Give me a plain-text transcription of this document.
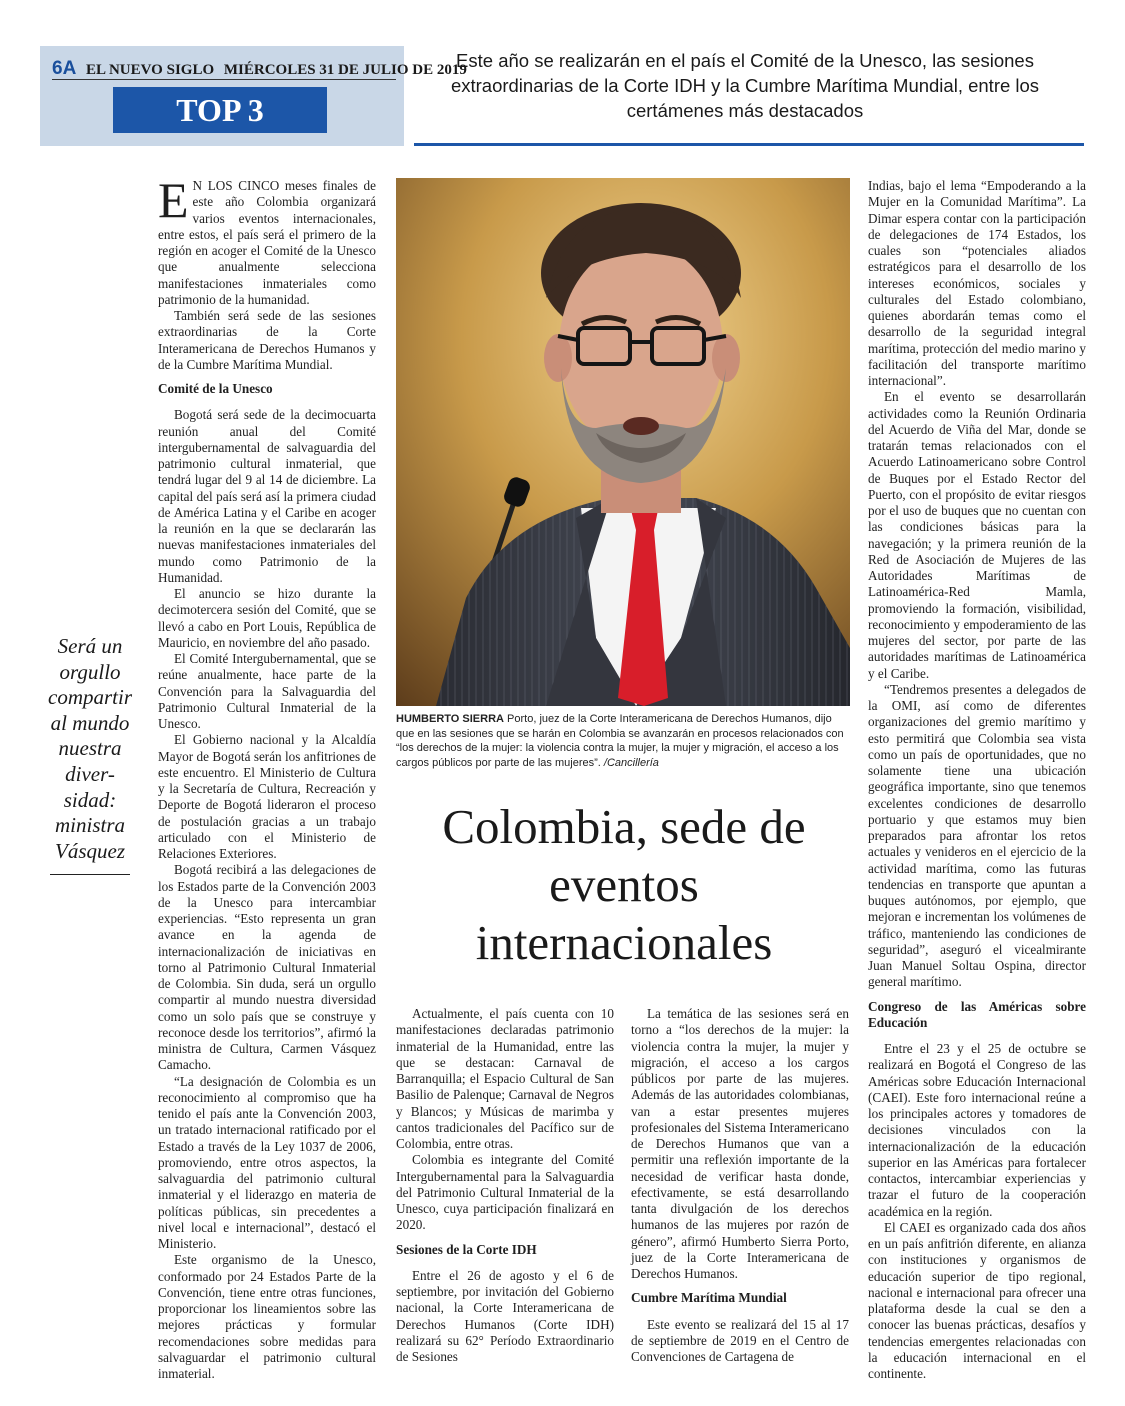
6A EL NUEVO SIGLO MIÉRCOLES 31 DE JULIO DE 2019
TOP 3
Este año se realizarán en el país el Comité de la Unesco, las sesiones extraordinarias de la Corte IDH y la Cumbre Marítima Mundial, entre los certámenes más destacados

E N LOS CINCO meses finales de este año Colombia organizará varios eventos internacionales, entre estos, el país será el primero de la región en acoger el Comité de la Unesco que anualmente selecciona manifestaciones inmateriales como patrimonio de la humanidad.

También será sede de las sesiones extraordinarias de la Corte Interamericana de Derechos Humanos y de la Cumbre Marítima Mundial.

Comité de la Unesco

Bogotá será sede de la decimocuarta reunión anual del Comité intergubernamental de salvaguardia del patrimonio cultural inmaterial, que tendrá lugar del 9 al 14 de diciembre. La capital del país será así la primera ciudad de América Latina y el Caribe en acoger la reunión en la que se declararán las nuevas manifestaciones inmateriales del mundo como Patrimonio de la Humanidad.

El anuncio se hizo durante la decimotercera sesión del Comité, que se llevó a cabo en Port Louis, República de Mauricio, en noviembre del año pasado.

El Comité Intergubernamental, que se reúne anualmente, hace parte de la Convención para la Salvaguardia del Patrimonio Cultural Inmaterial de la Unesco.

El Gobierno nacional y la Alcaldía Mayor de Bogotá serán los anfitriones de este encuentro. El Ministerio de Cultura y la Secretaría de Cultura, Recreación y Deporte de Bogotá lideraron el proceso de postulación gracias a un trabajo articulado con el Ministerio de Relaciones Exteriores.

Bogotá recibirá a las delegaciones de los Estados parte de la Convención 2003 de la Unesco para intercambiar experiencias. “Esto representa un gran avance en la agenda de internacionalización de iniciativas en torno al Patrimonio Cultural Inmaterial de Colombia. Sin duda, será un orgullo compartir al mundo nuestra diversidad como un solo país que se construye y reconoce desde los territorios”, afirmó la ministra de Cultura, Carmen Vásquez Camacho.

“La designación de Colombia es un reconocimiento al compromiso que ha tenido el país ante la Convención 2003, un tratado internacional ratificado por el Estado a través de la Ley 1037 de 2006, promoviendo, entre otros aspectos, la salvaguardia del patrimonio cultural inmaterial y el liderazgo en materia de políticas públicas, sin precedentes a nivel local e internacional”, destacó el Ministerio.

Este organismo de la Unesco, conformado por 24 Estados Parte de la Convención, tiene entre otras funciones, proporcionar los lineamientos sobre las mejores prácticas y formular recomendaciones sobre medidas para salvaguardar el patrimonio cultural inmaterial.

HUMBERTO SIERRA Porto, juez de la Corte Interamericana de Derechos Humanos, dijo que en las sesiones que se harán en Colombia se avanzarán en procesos relacionados con “los derechos de la mujer: la violencia contra la mujer, la mujer y migración, el acceso a los cargos públicos por parte de las mujeres”. /Cancillería
Colombia, sede de eventos internacionales
Será un orgullo compartir al mundo nuestra diver-sidad: ministra Vásquez

Actualmente, el país cuenta con 10 manifestaciones declaradas patrimonio inmaterial de la Humanidad, entre las que se destacan: Carnaval de Barranquilla; el Espacio Cultural de San Basilio de Palenque; Carnaval de Negros y Blancos; y Músicas de marimba y cantos tradicionales del Pacífico sur de Colombia, entre otras.

Colombia es integrante del Comité Intergubernamental para la Salvaguardia del Patrimonio Cultural Inmaterial de la Unesco, cuya participación finalizará en 2020.

Sesiones de la Corte IDH

Entre el 26 de agosto y el 6 de septiembre, por invitación del Gobierno nacional, la Corte Interamericana de Derechos Humanos (Corte IDH) realizará su 62° Período Extraordinario de Sesiones

La temática de las sesiones será en torno a “los derechos de la mujer: la violencia contra la mujer, la mujer y migración, el acceso a los cargos públicos por parte de las mujeres. Además de las autoridades colombianas, van a estar presentes mujeres profesionales del Sistema Interamericano de Derechos Humanos que van a permitir una reflexión importante de la necesidad de verificar hasta donde, efectivamente, se está desarrollando tanta divulgación de los derechos humanos de las mujeres por razón de género”, afirmó Humberto Sierra Porto, juez de la Corte Interamericana de Derechos Humanos.

Cumbre Marítima Mundial

Este evento se realizará del 15 al 17 de septiembre de 2019 en el Centro de Convenciones de Cartagena de

Indias, bajo el lema “Empoderando a la Mujer en la Comunidad Marítima”. La Dimar espera contar con la participación de delegaciones de 174 Estados, los cuales son “potenciales aliados estratégicos para el desarrollo de los intereses económicos, sociales y culturales del Estado colombiano, quienes abordarán temas como el desarrollo de la seguridad integral marítima, protección del medio marino y facilitación del transporte marítimo internacional”.

En el evento se desarrollarán actividades como la Reunión Ordinaria del Acuerdo de Viña del Mar, donde se tratarán temas relacionados con el Acuerdo Latinoamericano sobre Control de Buques por el Estado Rector del Puerto, con el propósito de evitar riesgos por el uso de buques que no cuentan con las condiciones básicas para la navegación; y la primera reunión de la Red de Asociación de Mujeres de las Autoridades Marítimas de Latinoamérica-Red Mamla, promoviendo la formación, visibilidad, reconocimiento y empoderamiento de las mujeres del sector, por parte de las autoridades marítimas de Latinoamérica y el Caribe.

“Tendremos presentes a delegados de la OMI, así como de diferentes organizaciones del gremio marítimo y esto permitirá que Colombia sea vista como un país de oportunidades, que no solamente tiene una ubicación geográfica importante, sino que tenemos excelentes condiciones de desarrollo portuario y que estamos muy bien preparados para afrontar los retos actuales y venideros en el ejercicio de la actividad marítima, como las futuras tendencias en transporte que apuntan a buques autónomos, por ejemplo, que mejoran e incrementan los volúmenes de tráfico, manteniendo las condiciones de seguridad”, aseguró el vicealmirante Juan Manuel Soltau Ospina, director general marítimo.

Congreso de las Américas sobre Educación

Entre el 23 y el 25 de octubre se realizará en Bogotá el Congreso de las Américas sobre Educación Internacional (CAEI). Este foro internacional reúne a los principales actores y tomadores de decisiones vinculados con la internacionalización de la educación superior en las Américas para fortalecer contactos, intercambiar experiencias y trazar el futuro de la cooperación académica en la región.

El CAEI es organizado cada dos años en un país anfitrión diferente, en alianza con instituciones y organismos de educación superior de tipo regional, nacional e internacional para ofrecer una plataforma desde la cual se den a conocer las buenas prácticas, desafíos y tendencias emergentes relacionadas con la educación internacional en el continente.
